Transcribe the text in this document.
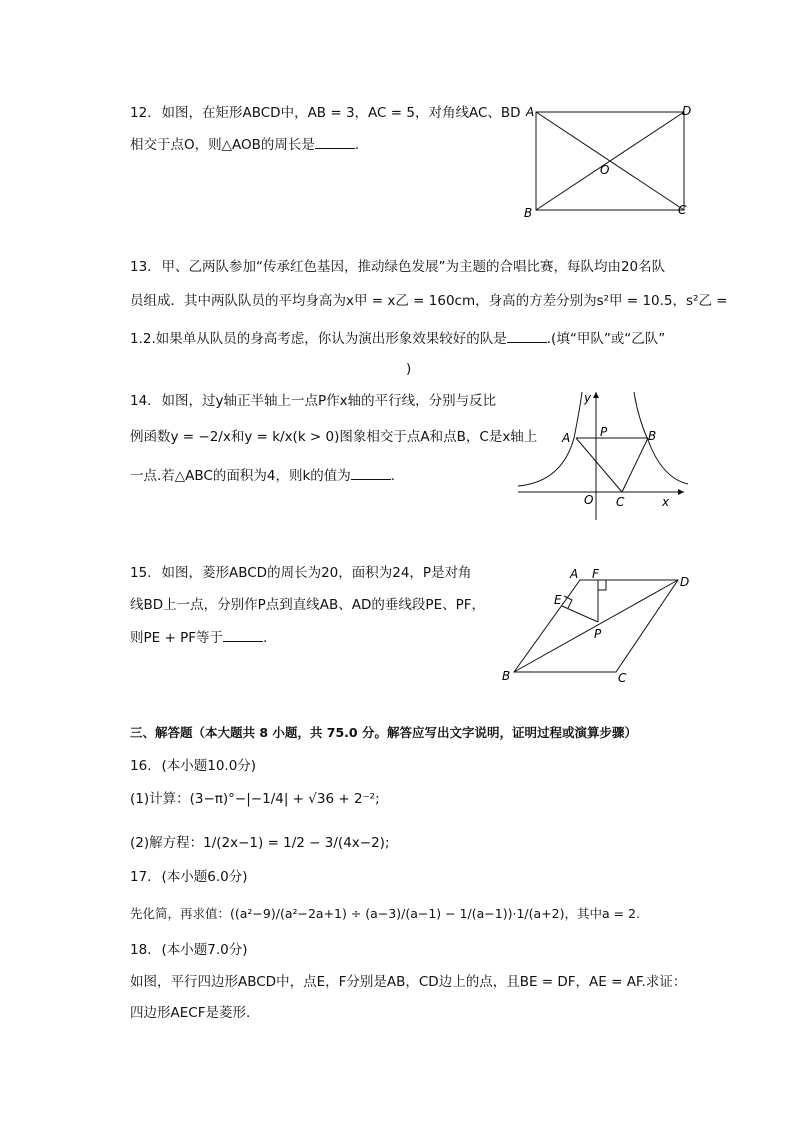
12. 如图，在矩形ABCD中，AB = 3，AC = 5，对角线AC、BD
相交于点O，则△AOB的周长是	.
A	D
B	C
O
13. 甲、乙两队参加“传承红色基因，推动绿色发展”为主题的合唱比赛，每队均由20名队
员组成．其中两队队员的平均身高为x甲 = x乙 = 160cm，身高的方差分别为s²甲 = 10.5，s²乙 =
1.2.如果单从队员的身高考虑，你认为演出形象效果较好的队是	.(填“甲队”或“乙队”
)
14. 如图，过y轴正半轴上一点P作x轴的平行线，分别与反比
例函数y = −2/x和y = k/x(k > 0)图象相交于点A和点B，C是x轴上
一点.若△ABC的面积为4，则k的值为	.
y
x
A P	B
O C
15. 如图，菱形ABCD的周长为20，面积为24，P是对角
线BD上一点，分别作P点到直线AB、AD的垂线段PE、PF，
则PE + PF等于	.
A F
D
E
P
B	C
三、解答题（本大题共 8 小题，共 75.0 分。解答应写出文字说明，证明过程或演算步骤）
16. (本小题10.0分)
(1)计算：(3−π)°−|−1/4| + √36 + 2⁻²;
(2)解方程：1/(2x−1) = 1/2 − 3/(4x−2);
17. (本小题6.0分)
先化简，再求值：((a²−9)/(a²−2a+1) ÷ (a−3)/(a−1) − 1/(a−1))·1/(a+2)，其中a = 2.
18. (本小题7.0分)
如图，平行四边形ABCD中，点E，F分别是AB，CD边上的点，且BE = DF，AE = AF.求证：
四边形AECF是菱形.
